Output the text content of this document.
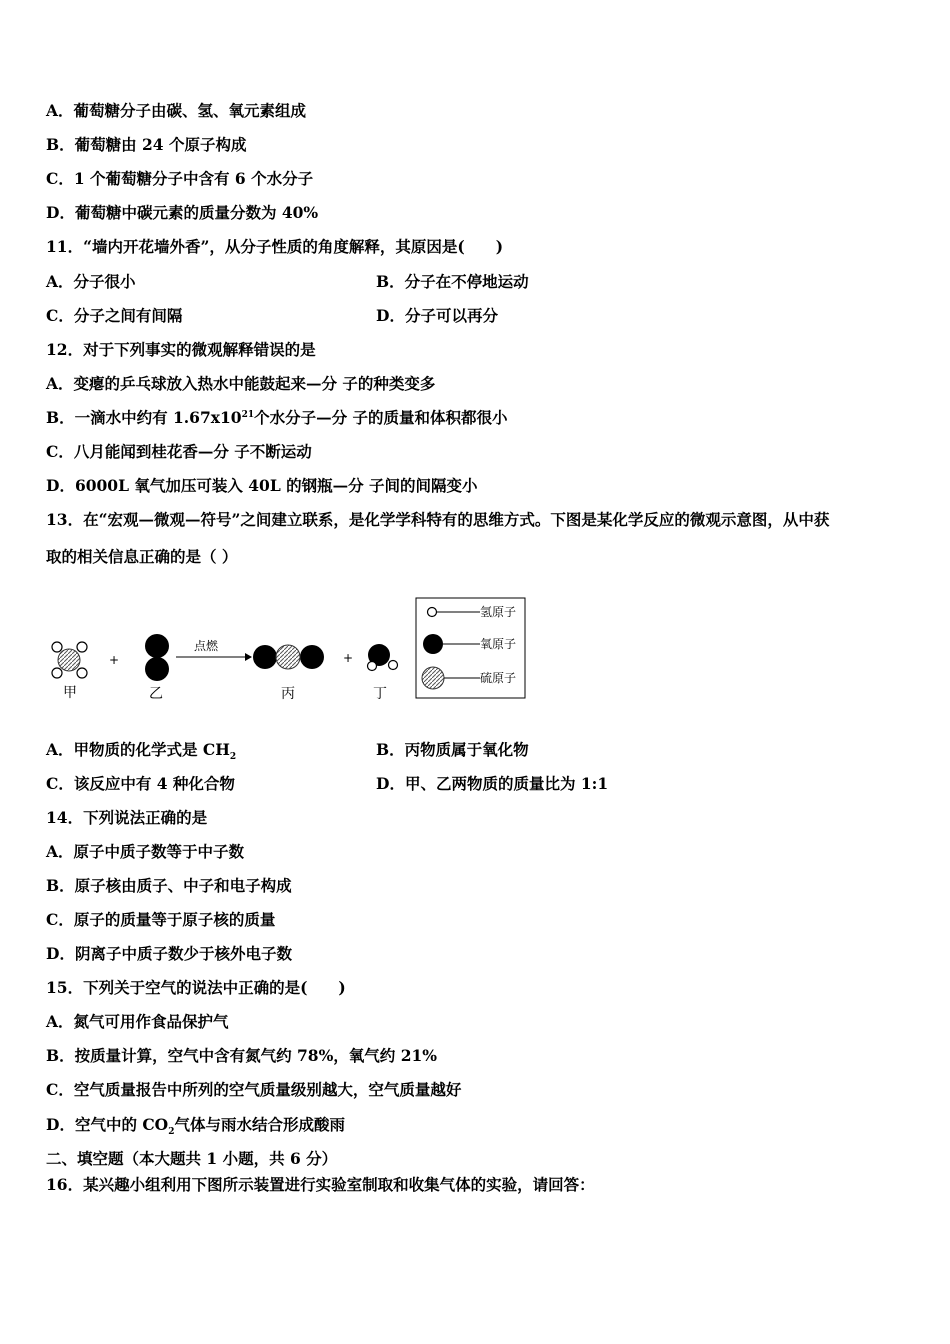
A．葡萄糖分子由碳、氢、氧元素组成
B．葡萄糖由 24 个原子构成
C．1 个葡萄糖分子中含有 6 个水分子
D．葡萄糖中碳元素的质量分数为 40%
11．“墙内开花墙外香”，从分子性质的角度解释，其原因是(　　)
A．分子很小	B．分子在不停地运动
C．分子之间有间隔	D．分子可以再分
12．对于下列事实的微观解释错误的是
A．变瘪的乒乓球放入热水中能鼓起来—分 子的种类变多
B．一滴水中约有 $1.67x10^{21}$个水分子—分 子的质量和体积都很小
C．八月能闻到桂花香—分 子不断运动
D．6000L 氧气加压可装入 40L 的钢瓶—分 子间的间隔变小
13．在“宏观—微观—符号”之间建立联系，是化学学科特有的思维方式。下图是某化学反应的微观示意图，从中获
取的相关信息正确的是（ ）
甲
+
乙
点燃
丙
+
丁
氢原子
氧原子
硫原子
A．甲物质的化学式是 $CH_2$	B．丙物质属于氧化物
C．该反应中有 4 种化合物	D．甲、乙两物质的质量比为 1:1
14．下列说法正确的是
A．原子中质子数等于中子数
B．原子核由质子、中子和电子构成
C．原子的质量等于原子核的质量
D．阴离子中质子数少于核外电子数
15．下列关于空气的说法中正确的是(　　)
A．氮气可用作食品保护气
B．按质量计算，空气中含有氮气约 78%，氧气约 21%
C．空气质量报告中所列的空气质量级别越大，空气质量越好
D．空气中的 $CO_2$气体与雨水结合形成酸雨
二、填空题（本大题共 1 小题，共 6 分）
16．某兴趣小组利用下图所示装置进行实验室制取和收集气体的实验，请回答：
